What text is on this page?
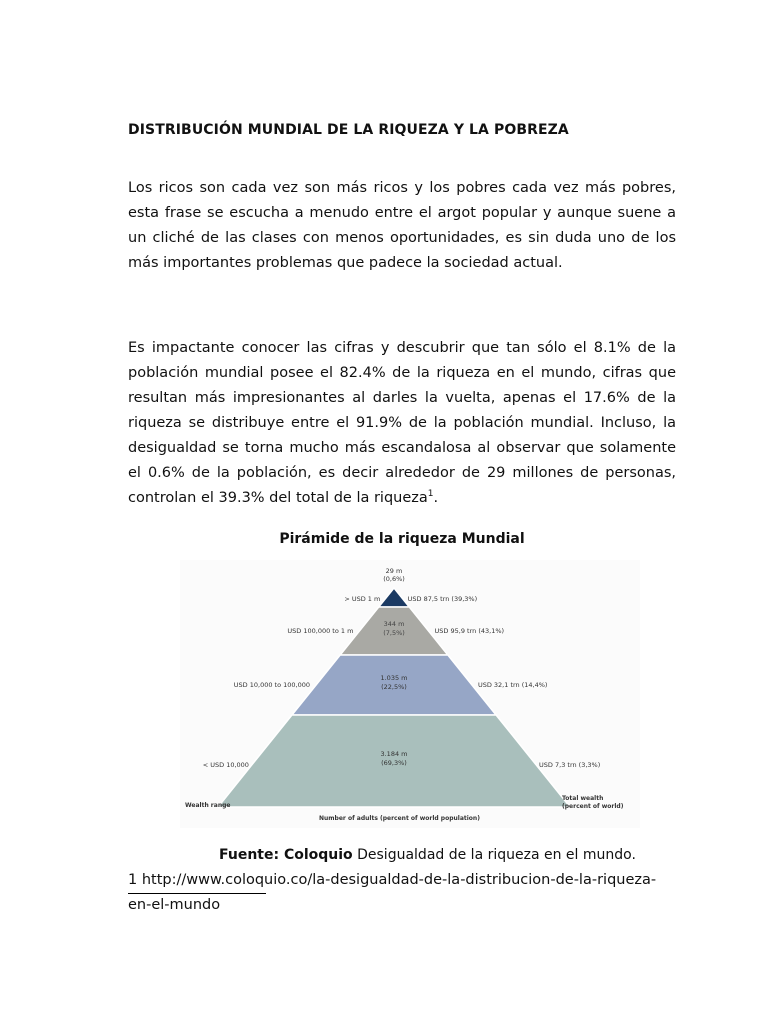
DISTRIBUCIÓN MUNDIAL DE LA RIQUEZA Y LA POBREZA

Los ricos son cada vez son más ricos y los pobres cada vez más pobres, esta frase se escucha a menudo entre el argot popular y aunque suene a un cliché de las clases con menos oportunidades, es sin duda uno de los más importantes problemas que padece la sociedad actual.

Es impactante conocer las cifras y descubrir que tan sólo el 8.1% de la población mundial posee el 82.4% de la riqueza en el mundo, cifras que resultan más impresionantes al darles la vuelta, apenas el 17.6% de la riqueza se distribuye entre el 91.9% de la población mundial. Incluso, la desigualdad se torna mucho más escandalosa al observar que solamente el 0.6% de la población, es decir alrededor de 29 millones de personas, controlan el 39.3% del total de la riqueza$^1$.

Pirámide de la riqueza Mundial

29 m
(0,6%)
> USD 1 m	USD 87,5 trn (39,3%)
344 m
(7,5%)
USD 100,000 to 1 m	USD 95,9 trn (43,1%)
1.035 m
(22,5%)
USD 10,000 to 100,000	USD 32,1 trn (14,4%)
3.184 m
(69,3%)
< USD 10,000	USD 7,3 trn (3,3%)
Wealth range
Total wealth
(percent of world)
Number of adults (percent of world population)

Fuente: Coloquio Desigualdad de la riqueza en el mundo.

1 http://www.coloquio.co/la-desigualdad-de-la-distribucion-de-la-riqueza-en-el-mundo
